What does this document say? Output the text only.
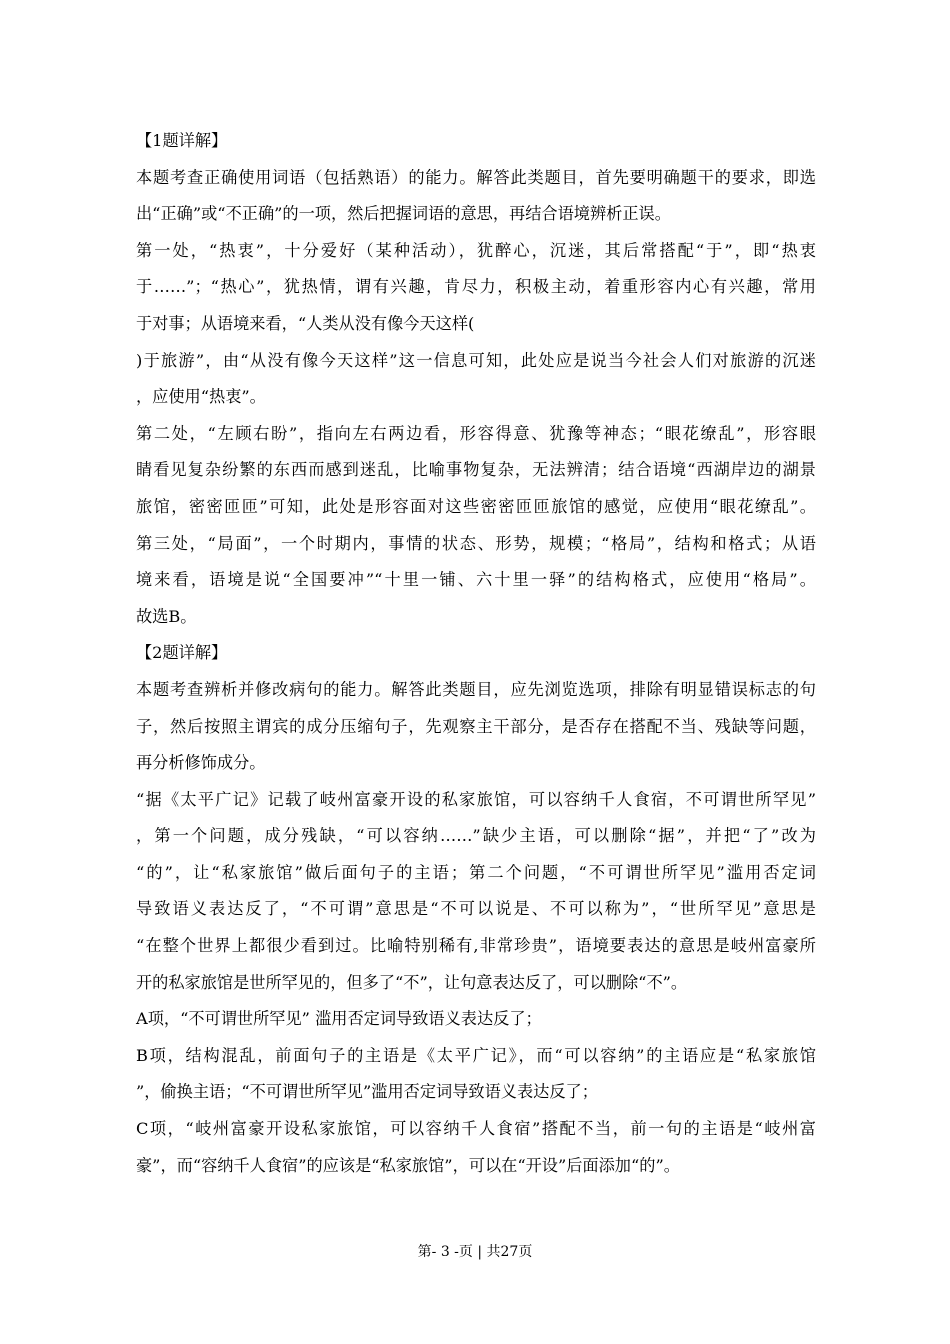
【1题详解】
本题考查正确使用词语（包括熟语）的能力。解答此类题目，首先要明确题干的要求，即选
出“正确”或“不正确”的一项，然后把握词语的意思，再结合语境辨析正误。
第一处，“热衷”，十分爱好（某种活动），犹醉心，沉迷，其后常搭配“于”，即“热衷
于……”；“热心”，犹热情，谓有兴趣，肯尽力，积极主动，着重形容内心有兴趣，常用
于对事；从语境来看，“人类从没有像今天这样(
)于旅游”，由“从没有像今天这样”这一信息可知，此处应是说当今社会人们对旅游的沉迷
，应使用“热衷”。
第二处，“左顾右盼”，指向左右两边看，形容得意、犹豫等神态；“眼花缭乱”，形容眼
睛看见复杂纷繁的东西而感到迷乱，比喻事物复杂，无法辨清；结合语境“西湖岸边的湖景
旅馆，密密匝匝”可知，此处是形容面对这些密密匝匝旅馆的感觉，应使用“眼花缭乱”。
第三处，“局面”，一个时期内，事情的状态、形势，规模；“格局”，结构和格式；从语
境来看，语境是说“全国要冲”“十里一铺、六十里一驿”的结构格式，应使用“格局”。
故选B。
【2题详解】
本题考查辨析并修改病句的能力。解答此类题目，应先浏览选项，排除有明显错误标志的句
子，然后按照主谓宾的成分压缩句子，先观察主干部分，是否存在搭配不当、残缺等问题，
再分析修饰成分。
“据《太平广记》记载了岐州富豪开设的私家旅馆，可以容纳千人食宿，不可谓世所罕见”
，第一个问题，成分残缺，“可以容纳……”缺少主语，可以删除“据”，并把“了”改为
“的”，让“私家旅馆”做后面句子的主语；第二个问题，“不可谓世所罕见”滥用否定词
导致语义表达反了，“不可谓”意思是“不可以说是、不可以称为”，“世所罕见”意思是
“在整个世界上都很少看到过。比喻特别稀有,非常珍贵”，语境要表达的意思是岐州富豪所
开的私家旅馆是世所罕见的，但多了“不”，让句意表达反了，可以删除“不”。
A项，“不可谓世所罕见” 滥用否定词导致语义表达反了；
B项，结构混乱，前面句子的主语是《太平广记》，而“可以容纳”的主语应是“私家旅馆
”，偷换主语；“不可谓世所罕见”滥用否定词导致语义表达反了；
C项，“岐州富豪开设私家旅馆，可以容纳千人食宿”搭配不当，前一句的主语是“岐州富
豪”，而“容纳千人食宿”的应该是“私家旅馆”，可以在“开设”后面添加“的”。
第- 3 -页 | 共27页
